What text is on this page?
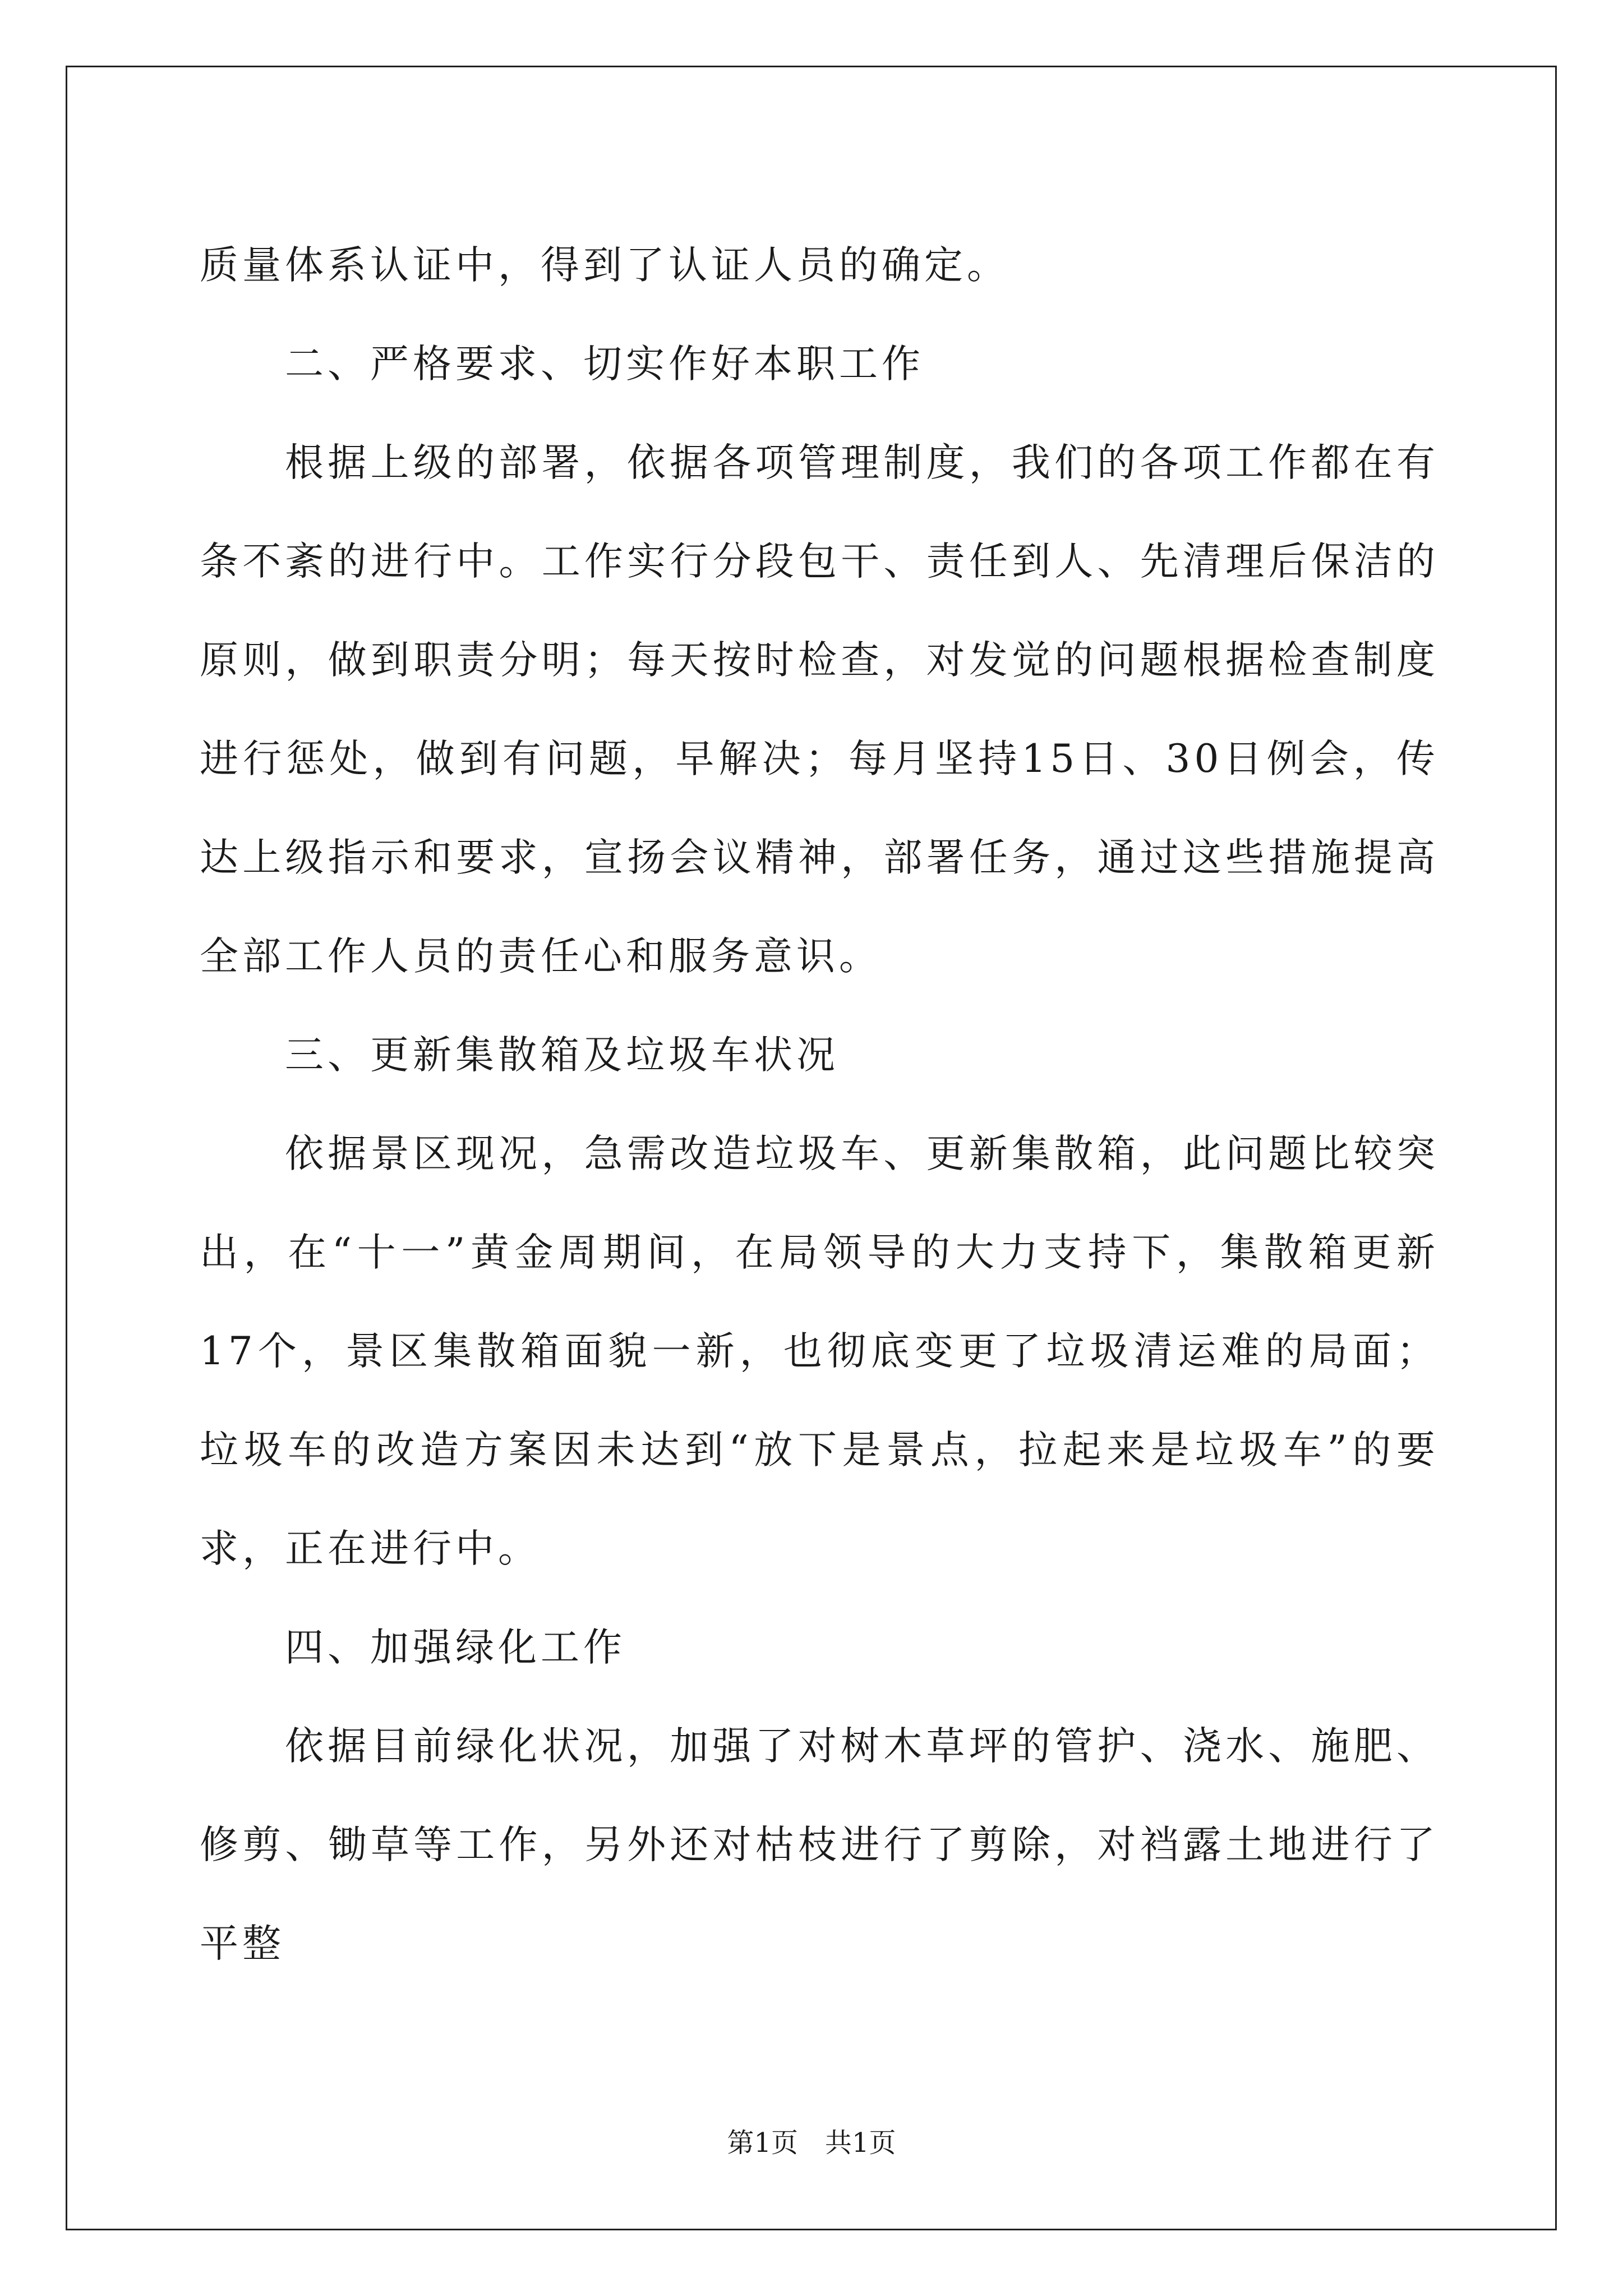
质量体系认证中，得到了认证人员的确定。

二、严格要求、切实作好本职工作

根据上级的部署，依据各项管理制度，我们的各项工作都在有条不紊的进行中。工作实行分段包干、责任到人、先清理后保洁的原则，做到职责分明；每天按时检查，对发觉的问题根据检查制度进行惩处，做到有问题，早解决；每月坚持15日、30日例会，传达上级指示和要求，宣扬会议精神，部署任务，通过这些措施提高全部工作人员的责任心和服务意识。

三、更新集散箱及垃圾车状况

依据景区现况，急需改造垃圾车、更新集散箱，此问题比较突出，在“十一”黄金周期间，在局领导的大力支持下，集散箱更新17个，景区集散箱面貌一新，也彻底变更了垃圾清运难的局面；垃圾车的改造方案因未达到“放下是景点，拉起来是垃圾车”的要求，正在进行中。

四、加强绿化工作

依据目前绿化状况，加强了对树木草坪的管护、浇水、施肥、修剪、锄草等工作，另外还对枯枝进行了剪除，对裆露土地进行了平整

第1页 共1页
